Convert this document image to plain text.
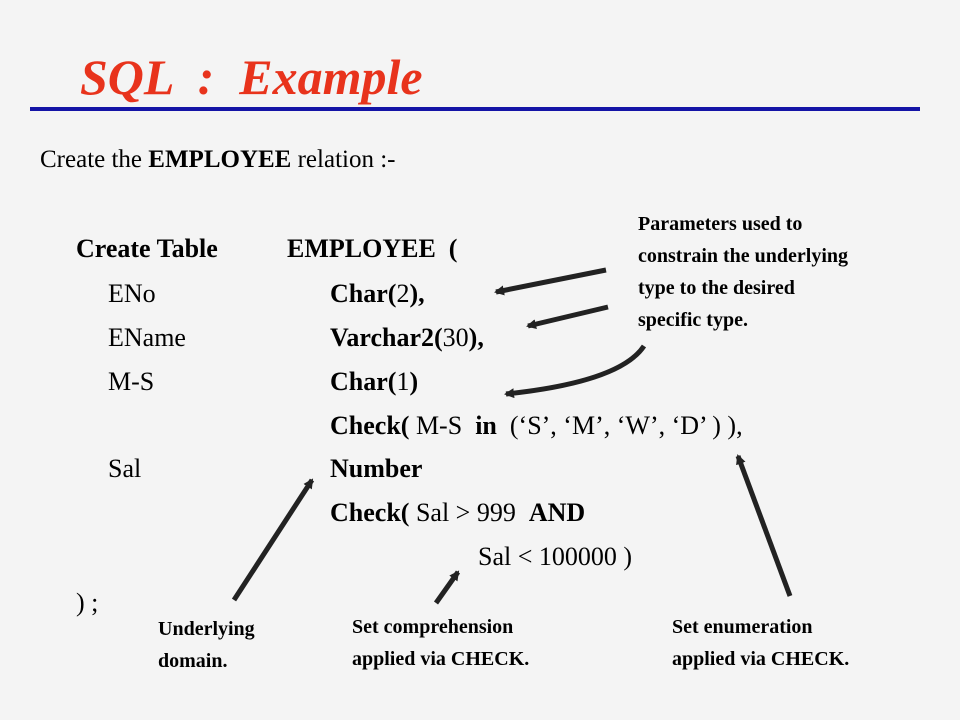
SQL  :  Example
Create the EMPLOYEE relation :-
Create Table	EMPLOYEE  (
ENo	Char(2),
EName	Varchar2(30),
M-S	Char(1)
Check( M-S  in  (‘S’, ‘M’, ‘W’, ‘D’ ) ),
Sal	Number
Check( Sal > 999  AND
Sal < 100000 )
) ;
Parameters used to
constrain the underlying
type to the desired
specific type.
Underlying
domain.
Set comprehension
applied via CHECK.
Set enumeration
applied via CHECK.
